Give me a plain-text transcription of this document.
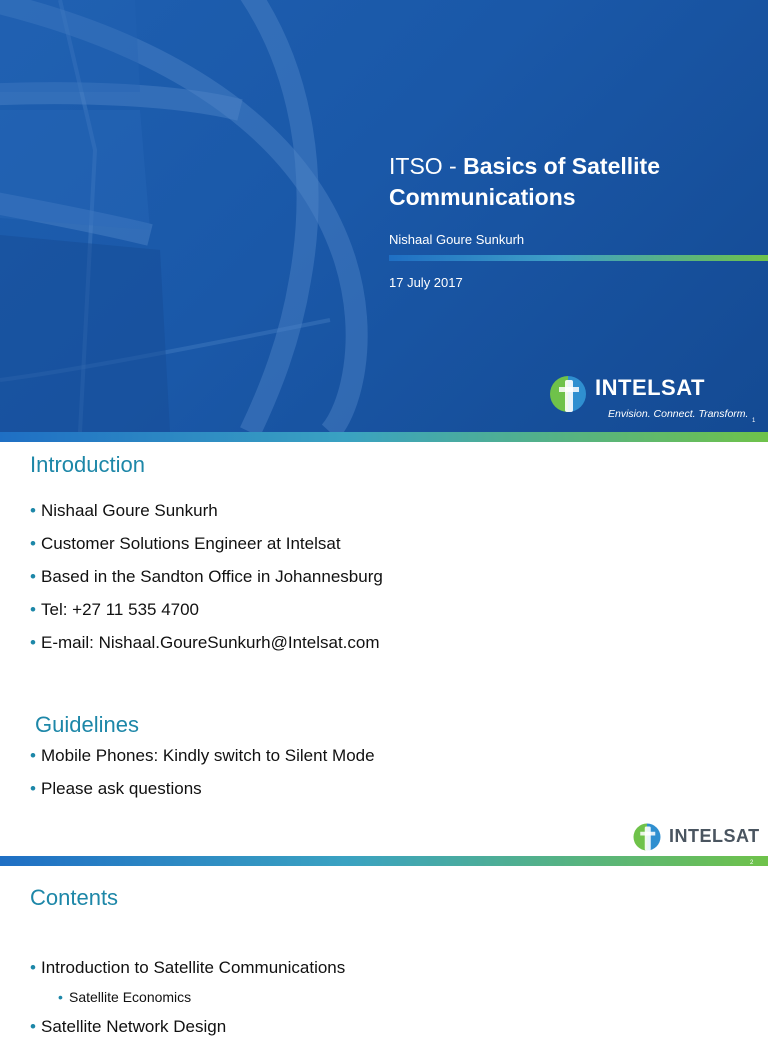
ITSO - Basics of Satellite Communications
Nishaal Goure Sunkurh
17 July 2017
INTELSAT
Envision. Connect. Transform.
1
Introduction
• Nishaal Goure Sunkurh
• Customer Solutions Engineer at Intelsat
• Based in the Sandton Office in Johannesburg
• Tel: +27 11 535 4700
• E-mail: Nishaal.GoureSunkurh@Intelsat.com
Guidelines
• Mobile Phones: Kindly switch to Silent Mode
• Please ask questions
INTELSAT
2
Contents
• Introduction to Satellite Communications
• Satellite Economics
• Satellite Network Design
